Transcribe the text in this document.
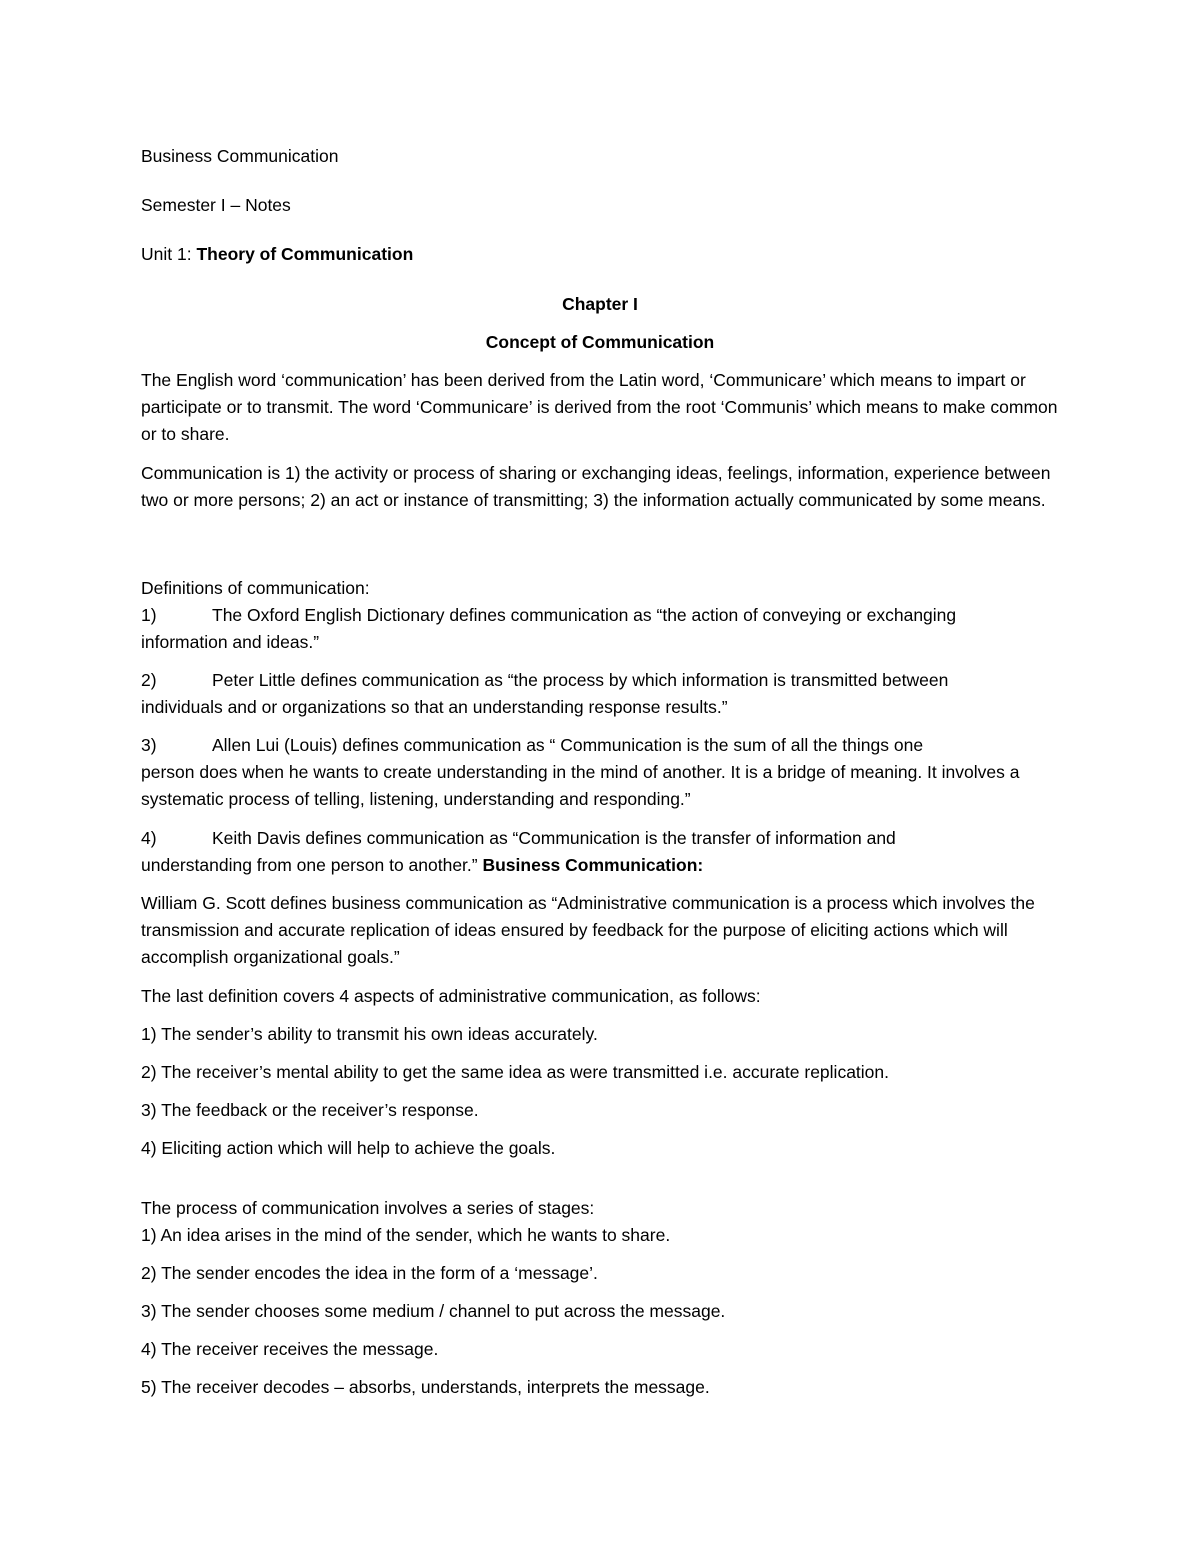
Business Communication
Semester I – Notes
Unit 1: Theory of Communication
Chapter I
Concept of Communication
The English word ‘communication’ has been derived from the Latin word, ‘Communicare’ which means to impart or participate or to transmit. The word ‘Communicare’ is derived from the root ‘Communis’ which means to make common or to share.
Communication is 1) the activity or process of sharing or exchanging ideas, feelings, information, experience between two or more persons; 2) an act or instance of transmitting; 3) the information actually communicated by some means.
Definitions of communication:
1)	The Oxford English Dictionary defines communication as “the action of conveying or exchanging
information and ideas.”
2)	Peter Little defines communication as “the process by which information is transmitted between
individuals and or organizations so that an understanding response results.”
3)	Allen Lui (Louis) defines communication as “ Communication is the sum of all the things one
person does when he wants to create understanding in the mind of another. It is a bridge of meaning. It involves a systematic process of telling, listening, understanding and responding.”
4)	Keith Davis defines communication as “Communication is the transfer of information and
understanding from one person to another.” Business Communication:
William G. Scott defines business communication as “Administrative communication is a process which involves the transmission and accurate replication of ideas ensured by feedback for the purpose of eliciting actions which will accomplish organizational goals.”
The last definition covers 4 aspects of administrative communication, as follows:
1) The sender’s ability to transmit his own ideas accurately.
2) The receiver’s mental ability to get the same idea as were transmitted i.e. accurate replication.
3) The feedback or the receiver’s response.
4) Eliciting action which will help to achieve the goals.
The process of communication involves a series of stages:
1) An idea arises in the mind of the sender, which he wants to share.
2) The sender encodes the idea in the form of a ‘message’.
3) The sender chooses some medium / channel to put across the message.
4) The receiver receives the message.
5) The receiver decodes – absorbs, understands, interprets the message.
